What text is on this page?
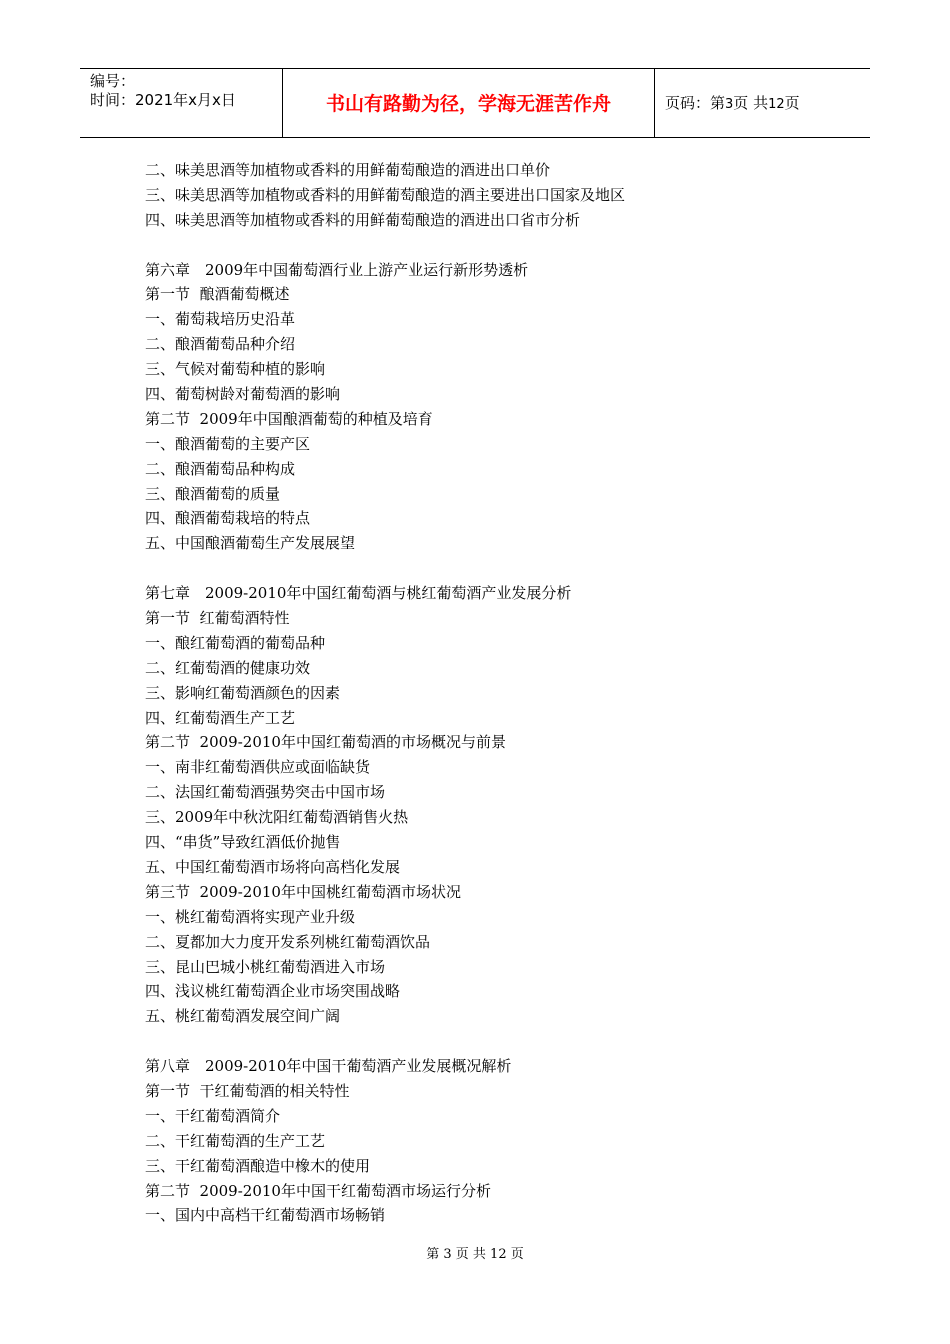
编号：
时间：2021年x月x日	书山有路勤为径，学海无涯苦作舟	页码：第3页 共12页
二、味美思酒等加植物或香料的用鲜葡萄酿造的酒进出口单价
三、味美思酒等加植物或香料的用鲜葡萄酿造的酒主要进出口国家及地区
四、味美思酒等加植物或香料的用鲜葡萄酿造的酒进出口省市分析
第六章　2009年中国葡萄酒行业上游产业运行新形势透析
第一节  酿酒葡萄概述
一、葡萄栽培历史沿革
二、酿酒葡萄品种介绍
三、气候对葡萄种植的影响
四、葡萄树龄对葡萄酒的影响
第二节  2009年中国酿酒葡萄的种植及培育
一、酿酒葡萄的主要产区
二、酿酒葡萄品种构成
三、酿酒葡萄的质量
四、酿酒葡萄栽培的特点
五、中国酿酒葡萄生产发展展望
第七章　2009-2010年中国红葡萄酒与桃红葡萄酒产业发展分析
第一节  红葡萄酒特性
一、酿红葡萄酒的葡萄品种
二、红葡萄酒的健康功效
三、影响红葡萄酒颜色的因素
四、红葡萄酒生产工艺
第二节  2009-2010年中国红葡萄酒的市场概况与前景
一、南非红葡萄酒供应或面临缺货
二、法国红葡萄酒强势突击中国市场
三、2009年中秋沈阳红葡萄酒销售火热
四、“串货”导致红酒低价抛售
五、中国红葡萄酒市场将向高档化发展
第三节  2009-2010年中国桃红葡萄酒市场状况
一、桃红葡萄酒将实现产业升级
二、夏都加大力度开发系列桃红葡萄酒饮品
三、昆山巴城小桃红葡萄酒进入市场
四、浅议桃红葡萄酒企业市场突围战略
五、桃红葡萄酒发展空间广阔
第八章　2009-2010年中国干葡萄酒产业发展概况解析
第一节  干红葡萄酒的相关特性
一、干红葡萄酒简介
二、干红葡萄酒的生产工艺
三、干红葡萄酒酿造中橡木的使用
第二节  2009-2010年中国干红葡萄酒市场运行分析
一、国内中高档干红葡萄酒市场畅销
第 3 页 共 12 页
